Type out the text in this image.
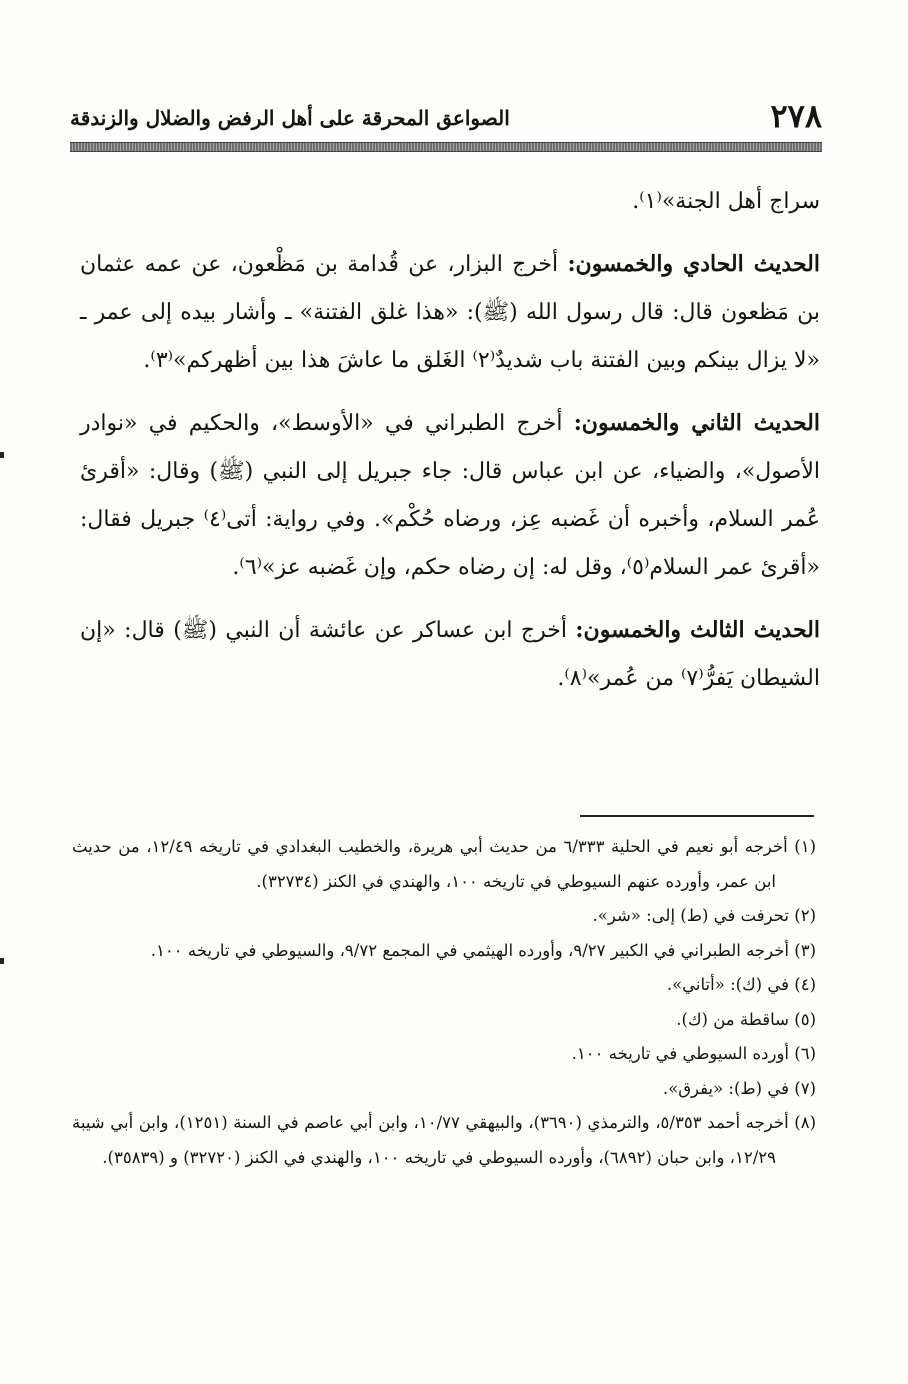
٢٧٨
الصواعق المحرقة على أهل الرفض والضلال والزندقة

سراج أهل الجنة»⁽١⁾.

الحديث الحادي والخمسون: أخرج البزار، عن قُدامة بن مَظْعون، عن عمه عثمان بن مَظعون قال: قال رسول الله (ﷺ): «هذا غلق الفتنة» ـ وأشار بيده إلى عمر ـ «لا يزال بينكم وبين الفتنة باب شديدٌ⁽٢⁾ الغَلق ما عاشَ هذا بين أظهركم»⁽٣⁾.

الحديث الثاني والخمسون: أخرج الطبراني في «الأوسط»، والحكيم في «نوادر الأصول»، والضياء، عن ابن عباس قال: جاء جبريل إلى النبي (ﷺ) وقال: «أقرئ عُمر السلام، وأخبره أن غَضبه عِز، ورضاه حُكْم». وفي رواية: أتى⁽٤⁾ جبريل فقال: «أقرئ عمر السلام⁽٥⁾، وقل له: إن رضاه حكم، وإن غَضبه عز»⁽٦⁾.

الحديث الثالث والخمسون: أخرج ابن عساكر عن عائشة أن النبي (ﷺ) قال: «إن الشيطان يَفرُّ⁽٧⁾ من عُمر»⁽٨⁾.

(١) أخرجه أبو نعيم في الحلية ٦/٣٣٣ من حديث أبي هريرة، والخطيب البغدادي في تاريخه ١٢/٤٩، من حديث ابن عمر، وأورده عنهم السيوطي في تاريخه ١٠٠، والهندي في الكنز (٣٢٧٣٤).

(٢) تحرفت في (ط) إلى: «شر».

(٣) أخرجه الطبراني في الكبير ٩/٢٧، وأورده الهيثمي في المجمع ٩/٧٢، والسيوطي في تاريخه ١٠٠.

(٤) في (ك): «أتاني».

(٥) ساقطة من (ك).

(٦) أورده السيوطي في تاريخه ١٠٠.

(٧) في (ط): «يفرق».

(٨) أخرجه أحمد ٥/٣٥٣، والترمذي (٣٦٩٠)، والبيهقي ١٠/٧٧، وابن أبي عاصم في السنة (١٢٥١)، وابن أبي شيبة ١٢/٢٩، وابن حبان (٦٨٩٢)، وأورده السيوطي في تاريخه ١٠٠، والهندي في الكنز (٣٢٧٢٠) و (٣٥٨٣٩).
